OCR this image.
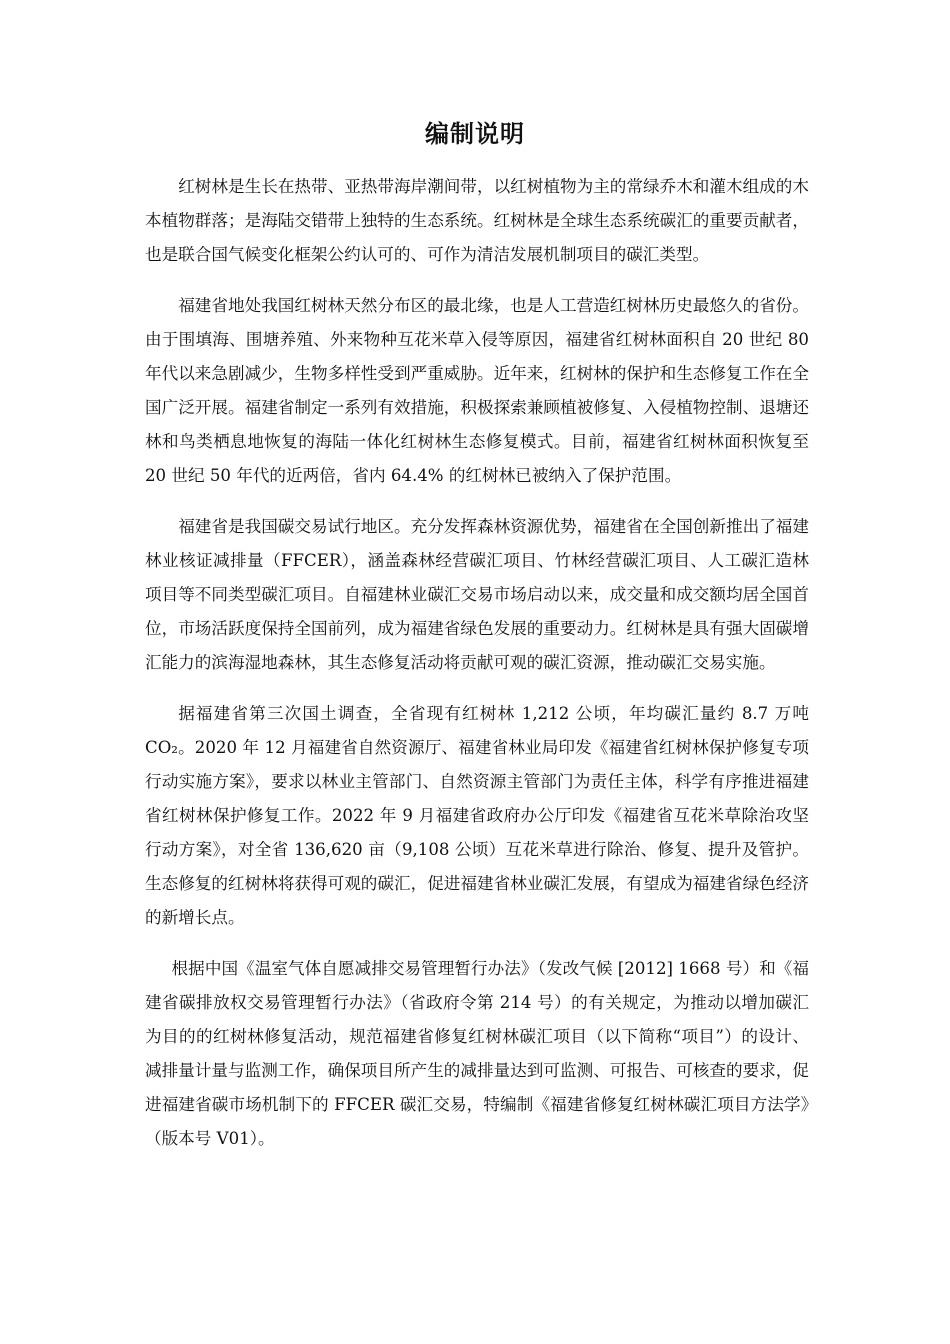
编制说明

红树林是生长在热带、亚热带海岸潮间带，以红树植物为主的常绿乔木和灌木组成的木本植物群落；是海陆交错带上独特的生态系统。红树林是全球生态系统碳汇的重要贡献者，也是联合国气候变化框架公约认可的、可作为清洁发展机制项目的碳汇类型。

福建省地处我国红树林天然分布区的最北缘，也是人工营造红树林历史最悠久的省份。由于围填海、围塘养殖、外来物种互花米草入侵等原因，福建省红树林面积自 20 世纪 80 年代以来急剧减少，生物多样性受到严重威胁。近年来，红树林的保护和生态修复工作在全国广泛开展。福建省制定一系列有效措施，积极探索兼顾植被修复、入侵植物控制、退塘还林和鸟类栖息地恢复的海陆一体化红树林生态修复模式。目前，福建省红树林面积恢复至 20 世纪 50 年代的近两倍，省内 64.4% 的红树林已被纳入了保护范围。

福建省是我国碳交易试行地区。充分发挥森林资源优势，福建省在全国创新推出了福建林业核证减排量（FFCER），涵盖森林经营碳汇项目、竹林经营碳汇项目、人工碳汇造林项目等不同类型碳汇项目。自福建林业碳汇交易市场启动以来，成交量和成交额均居全国首位，市场活跃度保持全国前列，成为福建省绿色发展的重要动力。红树林是具有强大固碳增汇能力的滨海湿地森林，其生态修复活动将贡献可观的碳汇资源，推动碳汇交易实施。

据福建省第三次国土调查，全省现有红树林 1,212 公顷，年均碳汇量约 8.7 万吨CO₂。2020 年 12 月福建省自然资源厅、福建省林业局印发《福建省红树林保护修复专项行动实施方案》，要求以林业主管部门、自然资源主管部门为责任主体，科学有序推进福建省红树林保护修复工作。2022 年 9 月福建省政府办公厅印发《福建省互花米草除治攻坚行动方案》，对全省 136,620 亩（9,108 公顷）互花米草进行除治、修复、提升及管护。生态修复的红树林将获得可观的碳汇，促进福建省林业碳汇发展，有望成为福建省绿色经济的新增长点。

根据中国《温室气体自愿减排交易管理暂行办法》（发改气候 [2012] 1668 号）和《福建省碳排放权交易管理暂行办法》（省政府令第 214 号）的有关规定，为推动以增加碳汇为目的的红树林修复活动，规范福建省修复红树林碳汇项目（以下简称“项目”）的设计、减排量计量与监测工作，确保项目所产生的减排量达到可监测、可报告、可核查的要求，促进福建省碳市场机制下的 FFCER 碳汇交易，特编制《福建省修复红树林碳汇项目方法学》（版本号 V01）。
